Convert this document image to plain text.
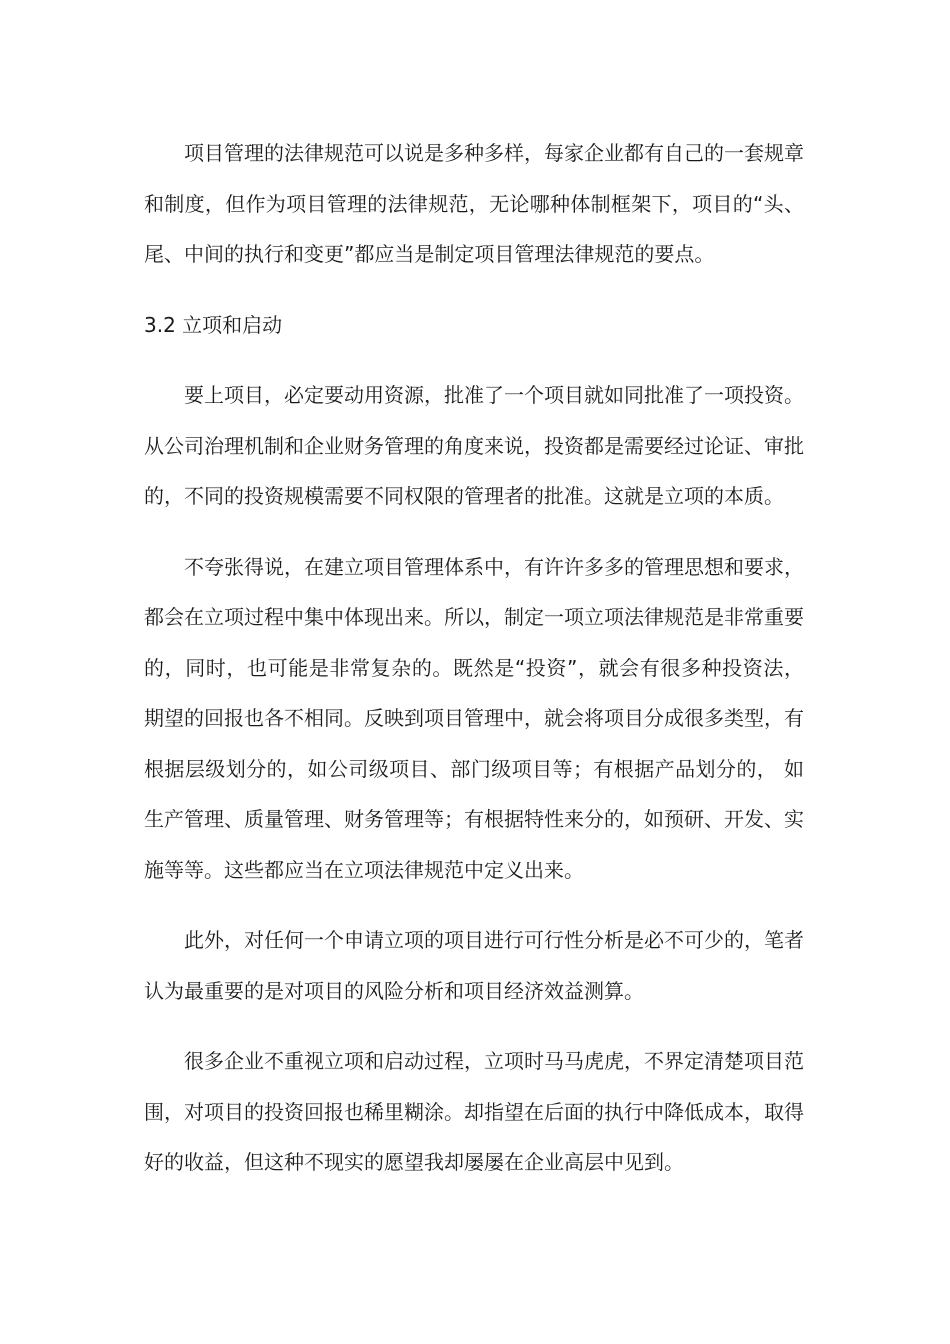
项目管理的法律规范可以说是多种多样，每家企业都有自己的一套规章和制度，但作为项目管理的法律规范，无论哪种体制框架下，项目的“头、尾、中间的执行和变更”都应当是制定项目管理法律规范的要点。

3.2 立项和启动

要上项目，必定要动用资源，批准了一个项目就如同批准了一项投资。从公司治理机制和企业财务管理的角度来说，投资都是需要经过论证、审批的，不同的投资规模需要不同权限的管理者的批准。这就是立项的本质。

不夸张得说，在建立项目管理体系中，有许许多多的管理思想和要求，都会在立项过程中集中体现出来。所以，制定一项立项法律规范是非常重要的，同时，也可能是非常复杂的。既然是“投资”，就会有很多种投资法，期望的回报也各不相同。反映到项目管理中，就会将项目分成很多类型，有根据层级划分的，如公司级项目、部门级项目等；有根据产品划分的， 如生产管理、质量管理、财务管理等；有根据特性来分的，如预研、开发、实施等等。这些都应当在立项法律规范中定义出来。

此外，对任何一个申请立项的项目进行可行性分析是必不可少的，笔者认为最重要的是对项目的风险分析和项目经济效益测算。

很多企业不重视立项和启动过程，立项时马马虎虎，不界定清楚项目范围，对项目的投资回报也稀里糊涂。却指望在后面的执行中降低成本，取得好的收益，但这种不现实的愿望我却屡屡在企业高层中见到。
